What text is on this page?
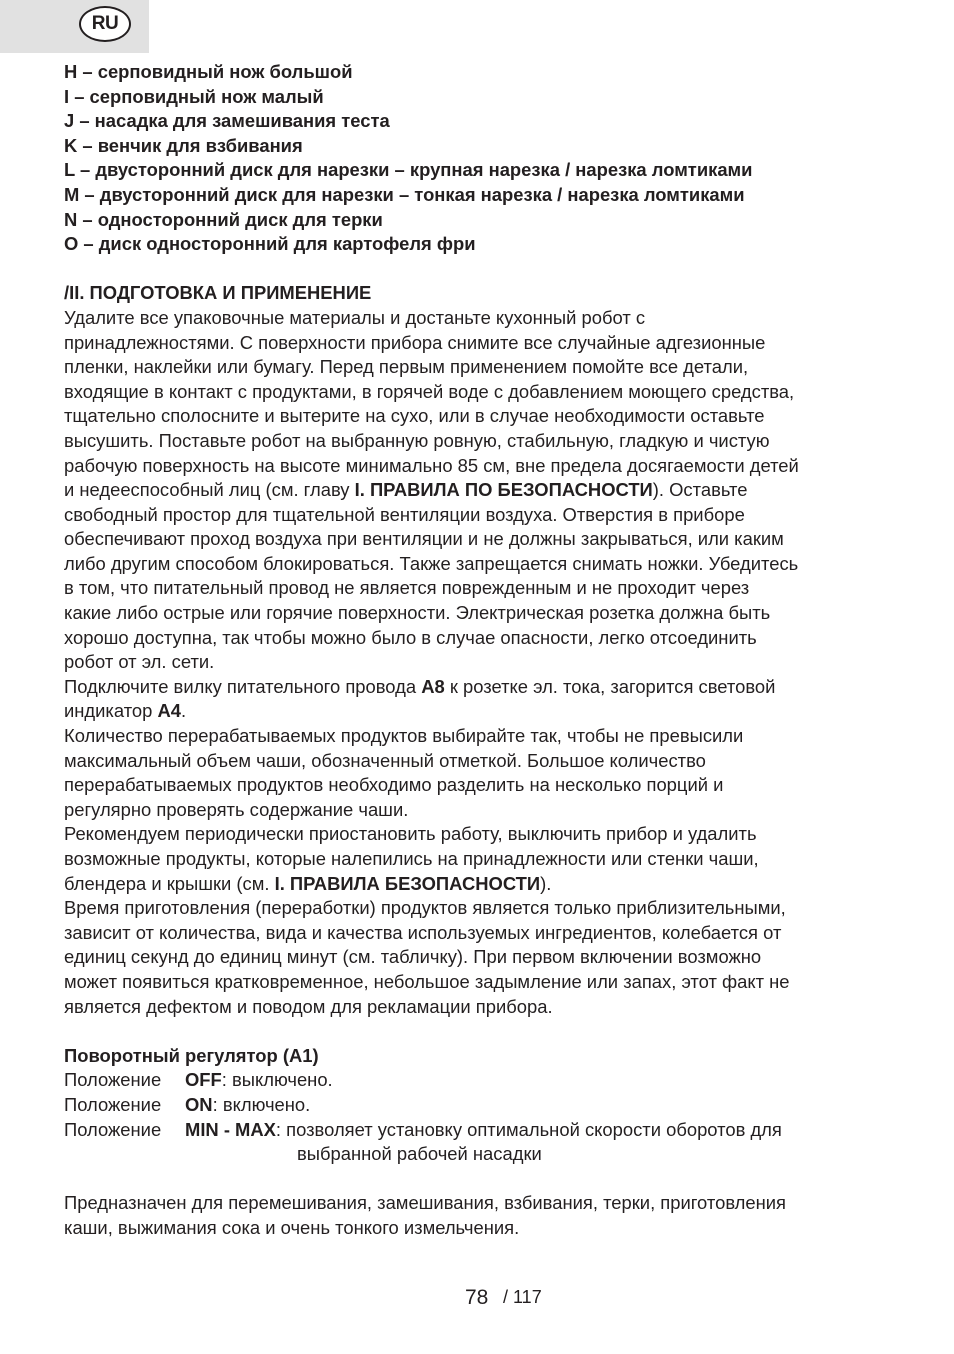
RU

H – серповидный нож большой

I – серповидный нож малый

J – насадка для замешивания теста

K – венчик для взбивания

L – двусторонний диск для нарезки – крупная нарезка / нарезка ломтиками

M – двусторонний диск для нарезки – тонкая нарезка / нарезка ломтиками

N – односторонний диск для терки

O – диск односторонний для картофеля фри

/II. ПОДГОТОВКА И ПРИМЕНЕНИЕ

Удалите все упаковочные материалы и достаньте кухонный робот с

принадлежностями. С поверхности прибора снимите все случайные адгезионные

пленки, наклейки или бумагу. Перед первым применением помойте все детали,

входящие в контакт с продуктами, в горячей воде с добавлением моющего средства,

тщательно сполосните и вытерите на сухо, или в случае необходимости оставьте

высушить. Поставьте робот на выбранную ровную, стабильную, гладкую и чистую

рабочую поверхность на высоте минимально 85 см, вне предела досягаемости детей

и недееспособный лиц (см. главу I. ПРАВИЛА ПО БЕЗОПАСНОСТИ). Оставьте

свободный простор для тщательной вентиляции воздуха. Отверстия в приборе

обеспечивают проход воздуха при вентиляции и не должны закрываться, или каким

либо другим способом блокироваться. Также запрещается снимать ножки. Убедитесь

в том, что питательный провод не является поврежденным и не проходит через

какие либо острые или горячие поверхности. Электрическая розетка должна быть

хорошо доступна, так чтобы можно было в случае опасности, легко отсоединить

робот от эл. сети.

Подключите вилку питательного провода A8 к розетке эл. тока, загорится световой

индикатор A4.

Количество перерабатываемых продуктов выбирайте так, чтобы не превысили

максимальный объем чаши, обозначенный отметкой. Большое количество

перерабатываемых продуктов необходимо разделить на несколько порций и

регулярно проверять содержание чаши.

Рекомендуем периодически приостановить работу, выключить прибор и удалить

возможные продукты, которые налепились на принадлежности или стенки чаши,

блендера и крышки (см. I. ПРАВИЛА БЕЗОПАСНОСТИ).

Время приготовления (переработки) продуктов является только приблизительными,

зависит от количества, вида и качества используемых ингредиентов, колебается от

единиц секунд до единиц минут (см. табличку). При первом включении возможно

может появиться кратковременное, небольшое задымление или запах, этот факт не

является дефектом и поводом для рекламации прибора.

Поворотный регулятор (A1)

Положение	OFF: выключено.
Положение	ON: включено.
Положение	MIN - MAX: позволяет установку оптимальной скорости оборотов для
выбранной рабочей насадки

Предназначен для перемешивания, замешивания, взбивания, терки, приготовления

каши, выжимания сока и очень тонкого измельчения.

78 / 117
